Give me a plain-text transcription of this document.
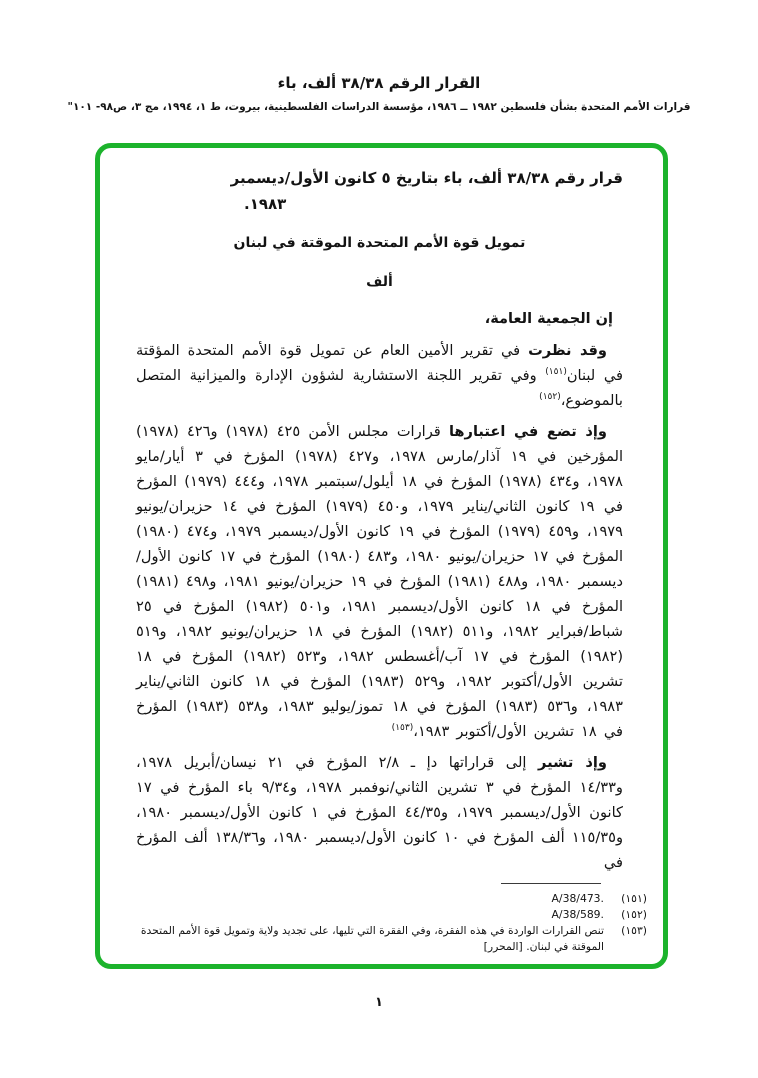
القرار الرقم ٣٨/٣٨ ألف، باء
قرارات الأمم المتحدة بشأن فلسطين ١٩٨٢ ــ ١٩٨٦، مؤسسة الدراسات الفلسطينية، بيروت، ط ١، ١٩٩٤، مج ٣، ص٩٨- ١٠١"
قرار رقم ٣٨/٣٨ ألف، باء بتاريخ ٥ كانون الأول/ديسمبر
١٩٨٣.
تمويل قوة الأمم المتحدة الموقتة في لبنان
ألف

إن الجمعية العامة،

وقد نظرت في تقرير الأمين العام عن تمويل قوة الأمم المتحدة المؤقتة في لبنان$^{(١٥١)}$ وفي تقرير اللجنة الاستشارية لشؤون الإدارة والميزانية المتصل بالموضوع،$^{(١٥٢)}$

وإذ تضع في اعتبارها قرارات مجلس الأمن ٤٢٥ (١٩٧٨) و٤٢٦ (١٩٧٨) المؤرخين في ١٩ آذار/مارس ١٩٧٨، و٤٢٧ (١٩٧٨) المؤرخ في ٣ أيار/مايو ١٩٧٨، و٤٣٤ (١٩٧٨) المؤرخ في ١٨ أيلول/سبتمبر ١٩٧٨، و٤٤٤ (١٩٧٩) المؤرخ في ١٩ كانون الثاني/يناير ١٩٧٩، و٤٥٠ (١٩٧٩) المؤرخ في ١٤ حزيران/يونيو ١٩٧٩، و٤٥٩ (١٩٧٩) المؤرخ في ١٩ كانون الأول/ديسمبر ١٩٧٩، و٤٧٤ (١٩٨٠) المؤرخ في ١٧ حزيران/يونيو ١٩٨٠، و٤٨٣ (١٩٨٠) المؤرخ في ١٧ كانون الأول/ديسمبر ١٩٨٠، و٤٨٨ (١٩٨١) المؤرخ في ١٩ حزيران/يونيو ١٩٨١، و٤٩٨ (١٩٨١) المؤرخ في ١٨ كانون الأول/ديسمبر ١٩٨١، و٥٠١ (١٩٨٢) المؤرخ في ٢٥ شباط/فبراير ١٩٨٢، و٥١١ (١٩٨٢) المؤرخ في ١٨ حزيران/يونيو ١٩٨٢، و٥١٩ (١٩٨٢) المؤرخ في ١٧ آب/أغسطس ١٩٨٢، و٥٢٣ (١٩٨٢) المؤرخ في ١٨ تشرين الأول/أكتوبر ١٩٨٢، و٥٢٩ (١٩٨٣) المؤرخ في ١٨ كانون الثاني/يناير ١٩٨٣، و٥٣٦ (١٩٨٣) المؤرخ في ١٨ تموز/يوليو ١٩٨٣، و٥٣٨ (١٩٨٣) المؤرخ في ١٨ تشرين الأول/أكتوبر ١٩٨٣،$^{(١٥٣)}$

وإذ تشير إلى قراراتها دإ ـ ٢/٨ المؤرخ في ٢١ نيسان/أبريل ١٩٧٨، و١٤/٣٣ المؤرخ في ٣ تشرين الثاني/نوفمبر ١٩٧٨، و٩/٣٤ باء المؤرخ في ١٧ كانون الأول/ديسمبر ١٩٧٩، و٤٤/٣٥ المؤرخ في ١ كانون الأول/ديسمبر ١٩٨٠، و١١٥/٣٥ ألف المؤرخ في ١٠ كانون الأول/ديسمبر ١٩٨٠، و١٣٨/٣٦ ألف المؤرخ في

(١٥١)
A/38/473.
(١٥٢)
A/38/589.
(١٥٣)
تنص القرارات الواردة في هذه الفقرة، وفي الفقرة التي تليها، على تجديد ولاية وتمويل قوة الأمم المتحدة الموقتة في لبنان. [المحرر]
١
